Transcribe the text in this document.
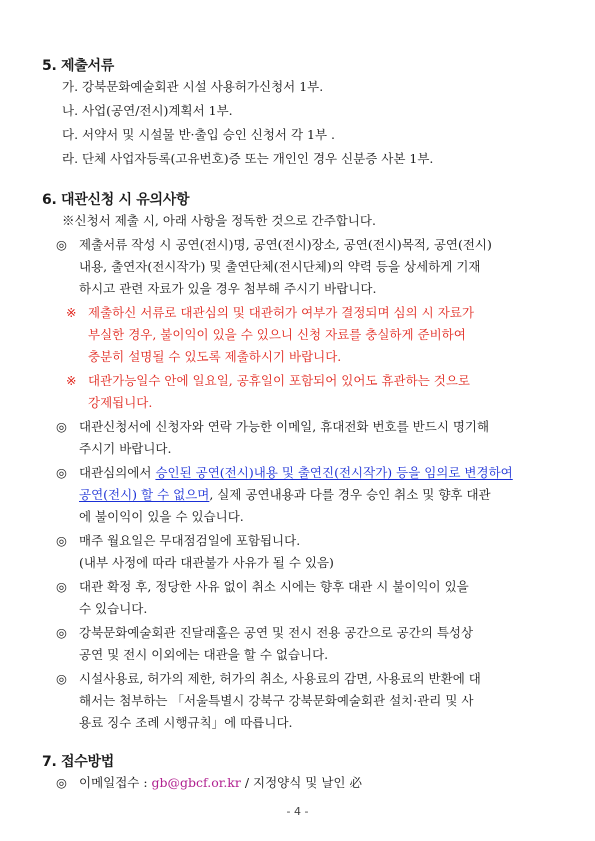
5. 제출서류
가. 강북문화예술회관 시설 사용허가신청서 1부.
나. 사업(공연/전시)계획서 1부.
다. 서약서 및 시설물 반·출입 승인 신청서 각 1부 .
라. 단체 사업자등록(고유번호)증 또는 개인인 경우 신분증 사본 1부.
6. 대관신청 시 유의사항
※신청서 제출 시, 아래 사항을 정독한 것으로 간주합니다.
◎ 제출서류 작성 시 공연(전시)명, 공연(전시)장소, 공연(전시)목적, 공연(전시)
내용, 출연자(전시작가) 및 출연단체(전시단체)의 약력 등을 상세하게 기재
하시고 관련 자료가 있을 경우 첨부해 주시기 바랍니다.
※ 제출하신 서류로 대관심의 및 대관허가 여부가 결정되며 심의 시 자료가
부실한 경우, 불이익이 있을 수 있으니 신청 자료를 충실하게 준비하여
충분히 설명될 수 있도록 제출하시기 바랍니다.
※ 대관가능일수 안에 일요일, 공휴일이 포함되어 있어도 휴관하는 것으로
강제됩니다.
◎ 대관신청서에 신청자와 연락 가능한 이메일, 휴대전화 번호를 반드시 명기해
주시기 바랍니다.
◎ 대관심의에서 승인된 공연(전시)내용 및 출연진(전시작가) 등을 임의로 변경하여
공연(전시) 할 수 없으며, 실제 공연내용과 다를 경우 승인 취소 및 향후 대관
에 불이익이 있을 수 있습니다.
◎ 매주 월요일은 무대점검일에 포함됩니다.
(내부 사정에 따라 대관불가 사유가 될 수 있음)
◎ 대관 확정 후, 정당한 사유 없이 취소 시에는 향후 대관 시 불이익이 있을
수 있습니다.
◎ 강북문화예술회관 진달래홀은 공연 및 전시 전용 공간으로 공간의 특성상
공연 및 전시 이외에는 대관을 할 수 없습니다.
◎ 시설사용료, 허가의 제한, 허가의 취소, 사용료의 감면, 사용료의 반환에 대
해서는 첨부하는 「서울특별시 강북구 강북문화예술회관 설치·관리 및 사
용료 징수 조례 시행규칙」에 따릅니다.
7. 접수방법
◎ 이메일접수 : gb@gbcf.or.kr / 지정양식 및 날인 必
- 4 -
